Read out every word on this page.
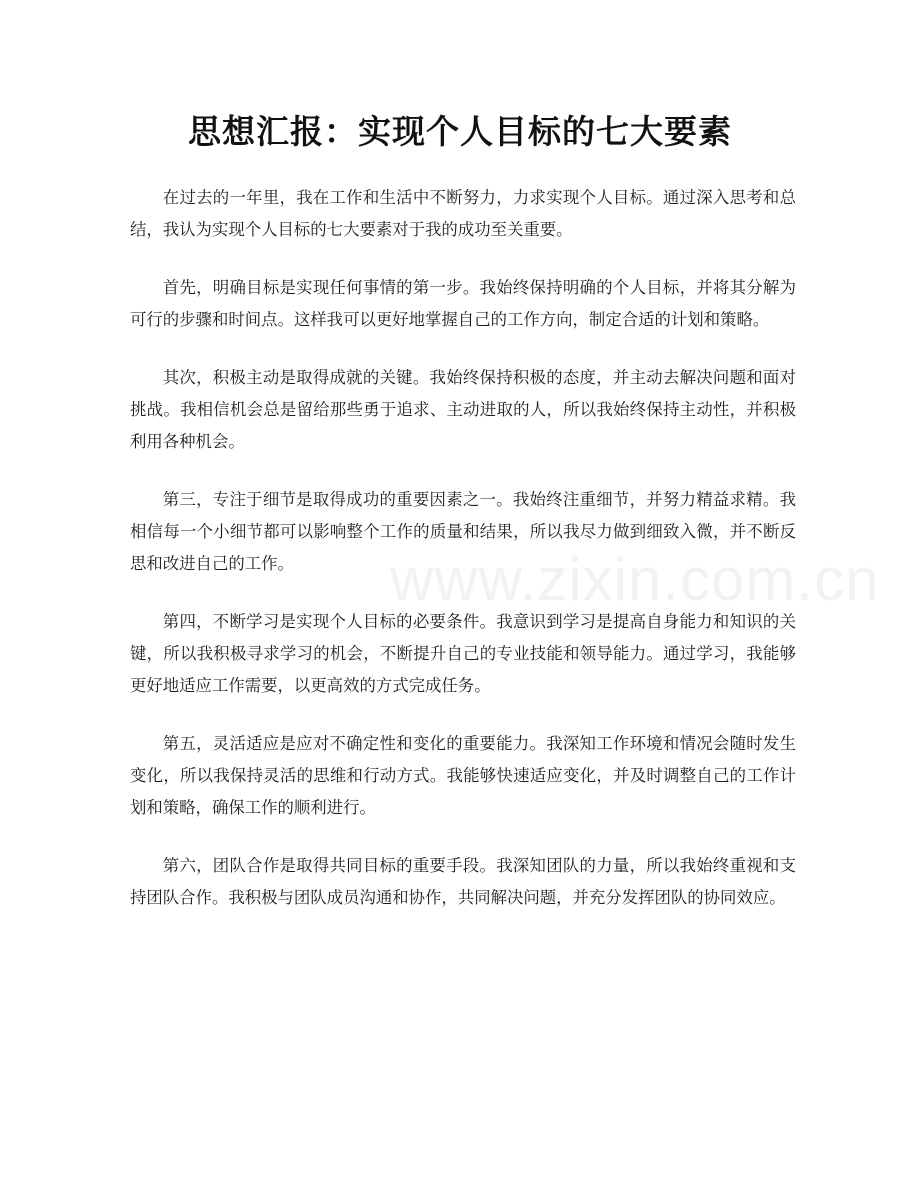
思想汇报：实现个人目标的七大要素

在过去的一年里，我在工作和生活中不断努力，力求实现个人目标。通过深入思考和总结，我认为实现个人目标的七大要素对于我的成功至关重要。

首先，明确目标是实现任何事情的第一步。我始终保持明确的个人目标，并将其分解为可行的步骤和时间点。这样我可以更好地掌握自己的工作方向，制定合适的计划和策略。

其次，积极主动是取得成就的关键。我始终保持积极的态度，并主动去解决问题和面对挑战。我相信机会总是留给那些勇于追求、主动进取的人，所以我始终保持主动性，并积极利用各种机会。

第三，专注于细节是取得成功的重要因素之一。我始终注重细节，并努力精益求精。我相信每一个小细节都可以影响整个工作的质量和结果，所以我尽力做到细致入微，并不断反思和改进自己的工作。

第四，不断学习是实现个人目标的必要条件。我意识到学习是提高自身能力和知识的关键，所以我积极寻求学习的机会，不断提升自己的专业技能和领导能力。通过学习，我能够更好地适应工作需要，以更高效的方式完成任务。

第五，灵活适应是应对不确定性和变化的重要能力。我深知工作环境和情况会随时发生变化，所以我保持灵活的思维和行动方式。我能够快速适应变化，并及时调整自己的工作计划和策略，确保工作的顺利进行。

第六，团队合作是取得共同目标的重要手段。我深知团队的力量，所以我始终重视和支持团队合作。我积极与团队成员沟通和协作，共同解决问题，并充分发挥团队的协同效应。

www.zixin.com.cn
